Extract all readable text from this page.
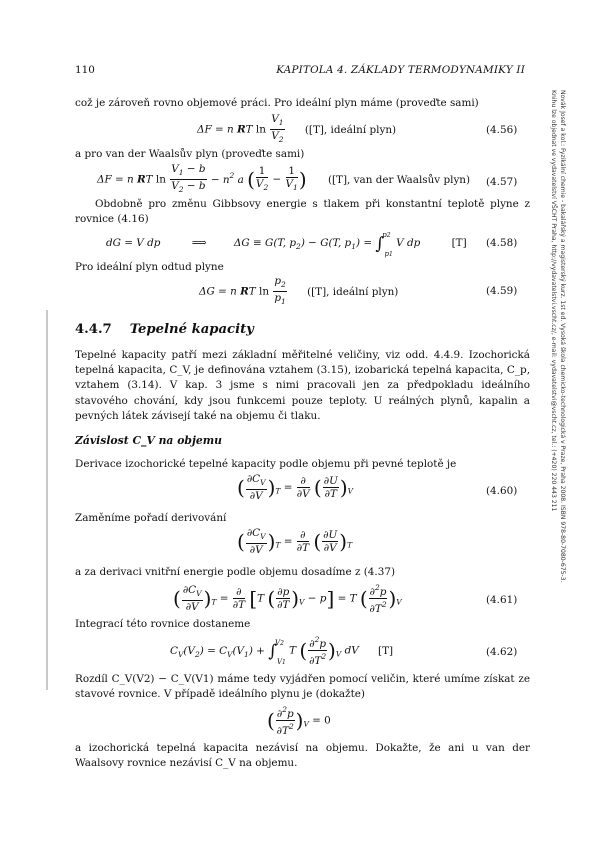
110	KAPITOLA 4. ZÁKLADY TERMODYNAMIKY II
Novák Josef a kol.: Fyzikální chemie - bakalářský a magisterský kurz. 1st ed. Vysoká škola chemicko-technologická v Praze, Praha 2008. ISBN 978-80-7080-675-3.
Knihu lze objednat ve vydavatelství VŠCHT Praha, http://vydavatelstvi.vscht.cz/, e-mail: vydavatelstvi@vscht.cz, tel.: (+420) 220 443 211
což je zároveň rovno objemové práci. Pro ideální plyn máme (proveďte sami)
ΔF = n RT $\ln \frac{V_1}{V_2} ([T]$, ideální plyn)	(4.56)
a pro van der Waalsův plyn (proveďte sami)
ΔF = n RT $\ln \frac{V_1 - b}{V_2 - b} - n^2$ a ( $\frac{1}{V_2} - \frac{1}{V_1}$ ) ([T], van der Waalsův plyn) (4.57)
Obdobně pro změnu Gibbsovy energie s tlakem při konstantní teplotě plyne z rovnice (4.16)
dG = V dp	⟹	ΔG ≡ G(T, $p_2) - G(T$, $p_1) = \int^{p2}_{p1}$ V dp	[T] (4.58)
Pro ideální plyn odtud plyne
ΔG = n RT $\ln \frac{p_2}{p_1} ([T]$, ideální plyn)	(4.59)
4.4.7 Tepelné kapacity
Tepelné kapacity patří mezi základní měřitelné veličiny, viz odd. 4.4.9. Izochorická tepelná kapacita, C_V, je definována vztahem (3.15), izobarická tepelná kapacita, C_p, vztahem (3.14). V kap. 3 jsme s nimi pracovali jen za předpokladu ideálního stavového chování, kdy jsou funkcemi pouze teploty. U reálných plynů, kapalin a pevných látek závisejí také na objemu či tlaku.
Závislost C_V na objemu
Derivace izochorické tepelné kapacity podle objemu při pevné teplotě je
( $\frac{\partial C_V}{\partial V} )_T = \frac{\partial}{\partial V}$ ( $\frac{\partial U}{\partial T} )_V$	(4.60)
Zaměníme pořadí derivování
( $\frac{\partial C_V}{\partial V} )_T = \frac{\partial}{\partial T}$ ( $\frac{\partial U}{\partial V} )_T$
a za derivaci vnitřní energie podle objemu dosadíme z (4.37)
( $\frac{\partial C_V}{\partial V} )_T = \frac{\partial}{\partial T} [T$ ( $\frac{\partial p}{\partial T} )_V - p] = T$ ( $\frac{\partial^2p}{\partial T^2} )_V$	(4.61)
Integrací této rovnice dostaneme
$C_V(V_2) = C_V(V_1) + \int^{V2}_{V1}$ T ( $\frac{\partial^2p}{\partial T^2} )_V$ dV [T]	(4.62)
Rozdíl C_V(V2) − C_V(V1) máme tedy vyjádřen pomocí veličin, které umíme získat ze stavové rovnice. V případě ideálního plynu je (dokažte)
( $\frac{\partial^2p}{\partial T^2} )_V = 0$
a izochorická tepelná kapacita nezávisí na objemu. Dokažte, že ani u van der Waalsovy rovnice nezávisí C_V na objemu.
